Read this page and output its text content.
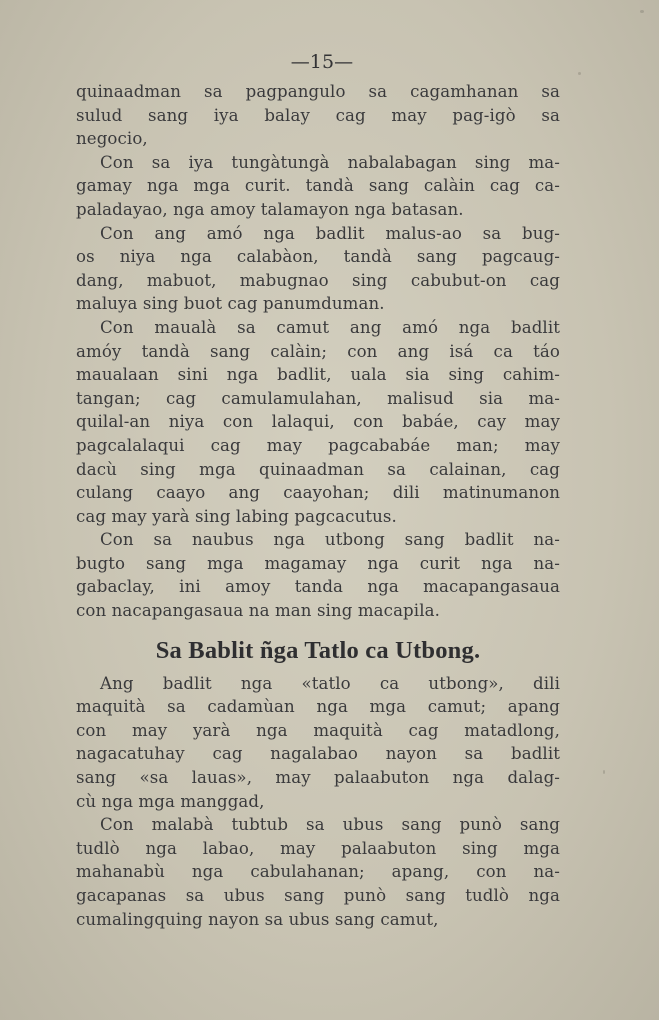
—15—

quinaadman sa pagpangulo sa cagamhanan sa
sulud sang iya balay cag may pag-igò sa
negocio,

Con sa iya tungàtungà nabalabagan sing ma-
gamay nga mga curit. tandà sang calàin cag ca-
paladayao, nga amoy talamayon nga batasan.

Con ang amó nga badlit malus-ao sa bug-
os niya nga calabàon, tandà sang pagcaug-
dang, mabuot, mabugnao sing cabubut-on cag
maluya sing buot cag panumduman.

Con maualà sa camut ang amó nga badlit
amóy tandà sang calàin; con ang isá ca táo
maualaan sini nga badlit, uala sia sing cahim-
tangan; cag camulamulahan, malisud sia ma-
quilal-an niya con lalaqui, con babáe, cay may
pagcalalaqui cag may pagcababáe man; may
dacù sing mga quinaadman sa calainan, cag
culang caayo ang caayohan; dili matinumanon
cag may yarà sing labing pagcacutus.

Con sa naubus nga utbong sang badlit na-
bugto sang mga magamay nga curit nga na-
gabaclay, ini amoy tanda nga macapangasaua
con nacapangasaua na man sing macapila.

Sa Bablit ñga Tatlo ca Utbong.

Ang badlit nga «tatlo ca utbong», dili
maquità sa cadamùan nga mga camut; apang
con may yarà nga maquità cag matadlong,
nagacatuhay cag nagalabao nayon sa badlit
sang «sa lauas», may palaabuton nga dalag-
cù nga mga manggad,

Con malabà tubtub sa ubus sang punò sang
tudlò nga labao, may palaabuton sing mga
mahanabù nga cabulahanan; apang, con na-
gacapanas sa ubus sang punò sang tudlò nga
cumalingquing nayon sa ubus sang camut,
